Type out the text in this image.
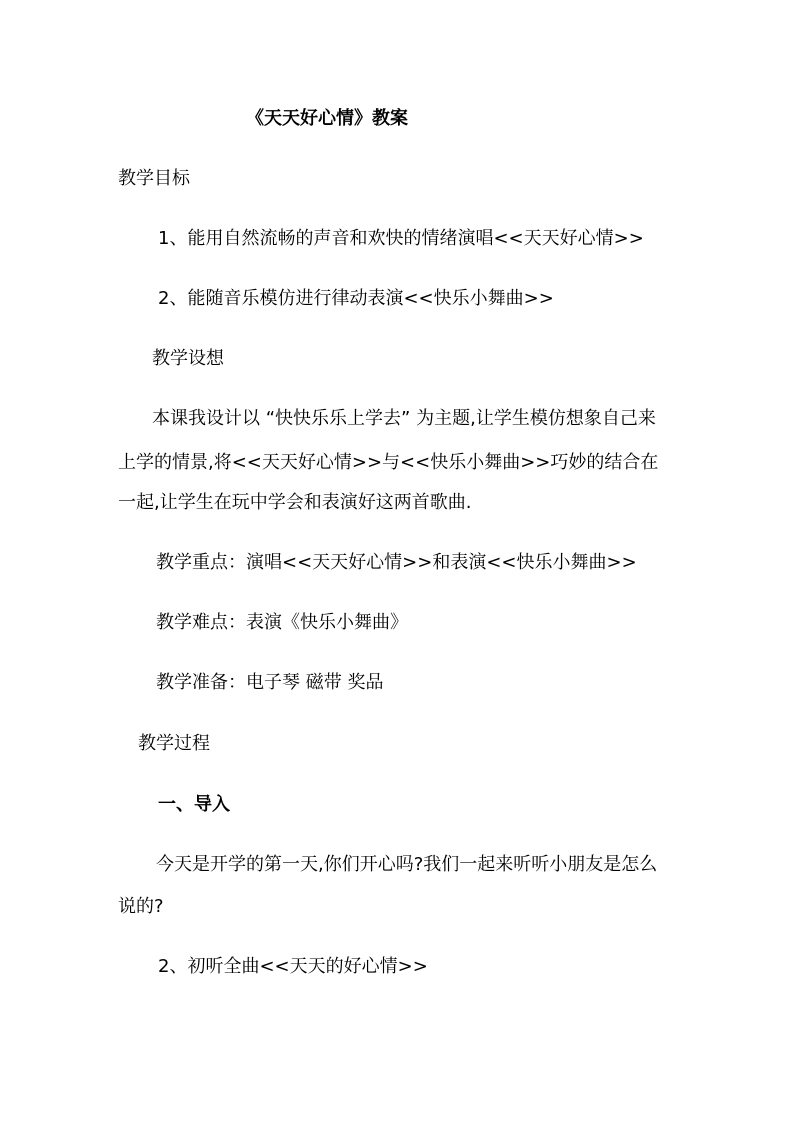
《天天好心情》教案
教学目标
1、能用自然流畅的声音和欢快的情绪演唱<<天天好心情>>
2、能随音乐模仿进行律动表演<<快乐小舞曲>>
教学设想
本课我设计以 “快快乐乐上学去” 为主题,让学生模仿想象自己来
上学的情景,将<<天天好心情>>与<<快乐小舞曲>>巧妙的结合在
一起,让学生在玩中学会和表演好这两首歌曲.
教学重点：演唱<<天天好心情>>和表演<<快乐小舞曲>>
教学难点：表演《快乐小舞曲》
教学准备：电子琴 磁带 奖品
教学过程
一、导入
今天是开学的第一天,你们开心吗?我们一起来听听小朋友是怎么
说的?
2、初听全曲<<天天的好心情>>
